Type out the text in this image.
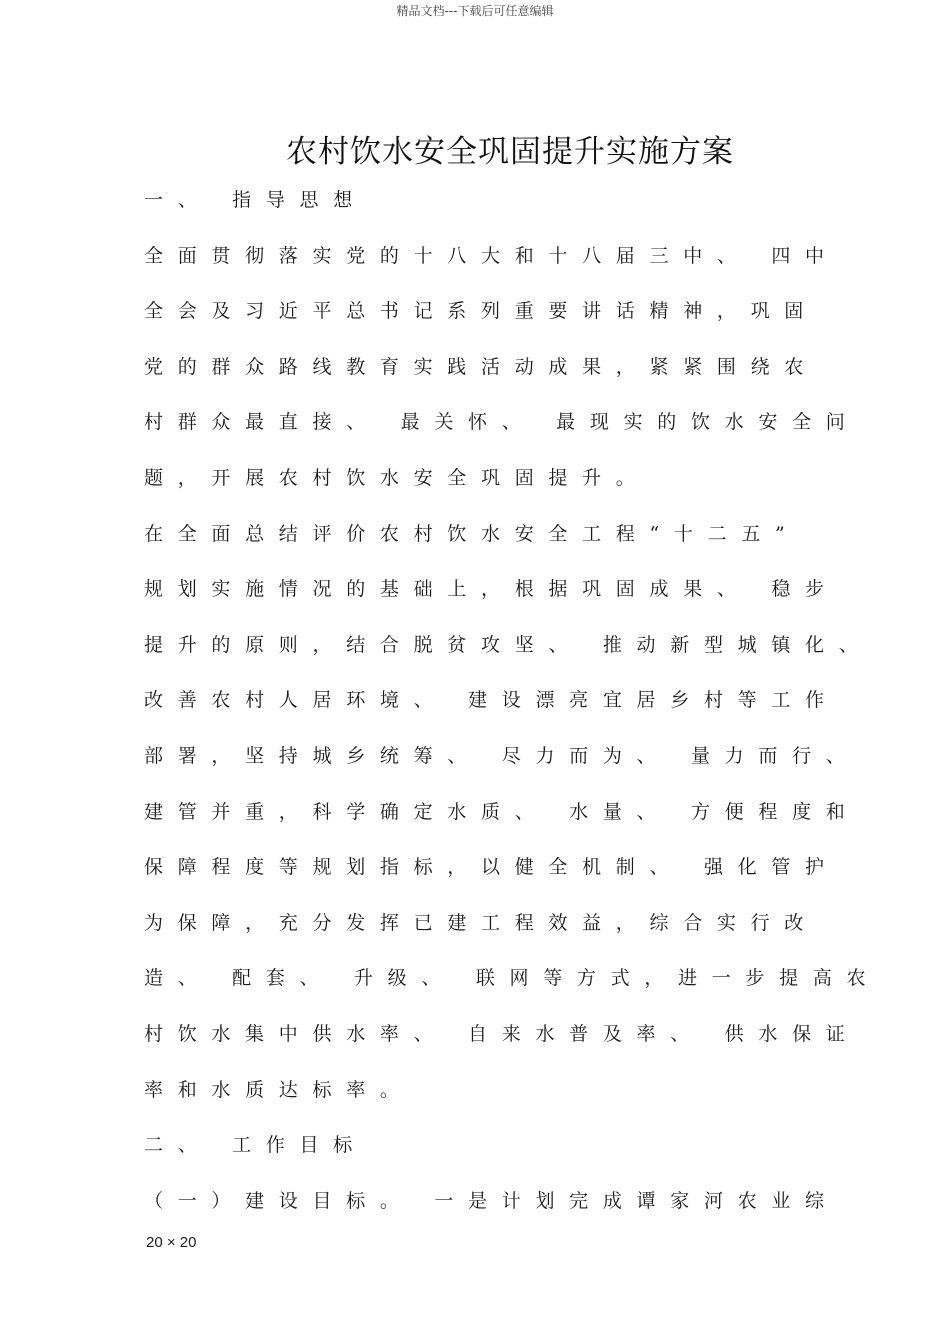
精品文档---下载后可任意编辑
农村饮水安全巩固提升实施方案
一、 指导思想
全面贯彻落实党的十八大和十八届三中、 四中
全会及习近平总书记系列重要讲话精神，巩固
党的群众路线教育实践活动成果，紧紧围绕农
村群众最直接、 最关怀、 最现实的饮水安全问
题，开展农村饮水安全巩固提升。
在全面总结评价农村饮水安全工程“十二五”
规划实施情况的基础上，根据巩固成果、 稳步
提升的原则，结合脱贫攻坚、 推动新型城镇化、
改善农村人居环境、 建设漂亮宜居乡村等工作
部署，坚持城乡统筹、 尽力而为、 量力而行、
建管并重，科学确定水质、 水量、 方便程度和
保障程度等规划指标，以健全机制、 强化管护
为保障，充分发挥已建工程效益，综合实行改
造、 配套、 升级、 联网等方式，进一步提高农
村饮水集中供水率、 自来水普及率、 供水保证
率和水质达标率。
二、 工作目标
（一）建设目标。 一是计划完成谭家河农业综
20 × 20
